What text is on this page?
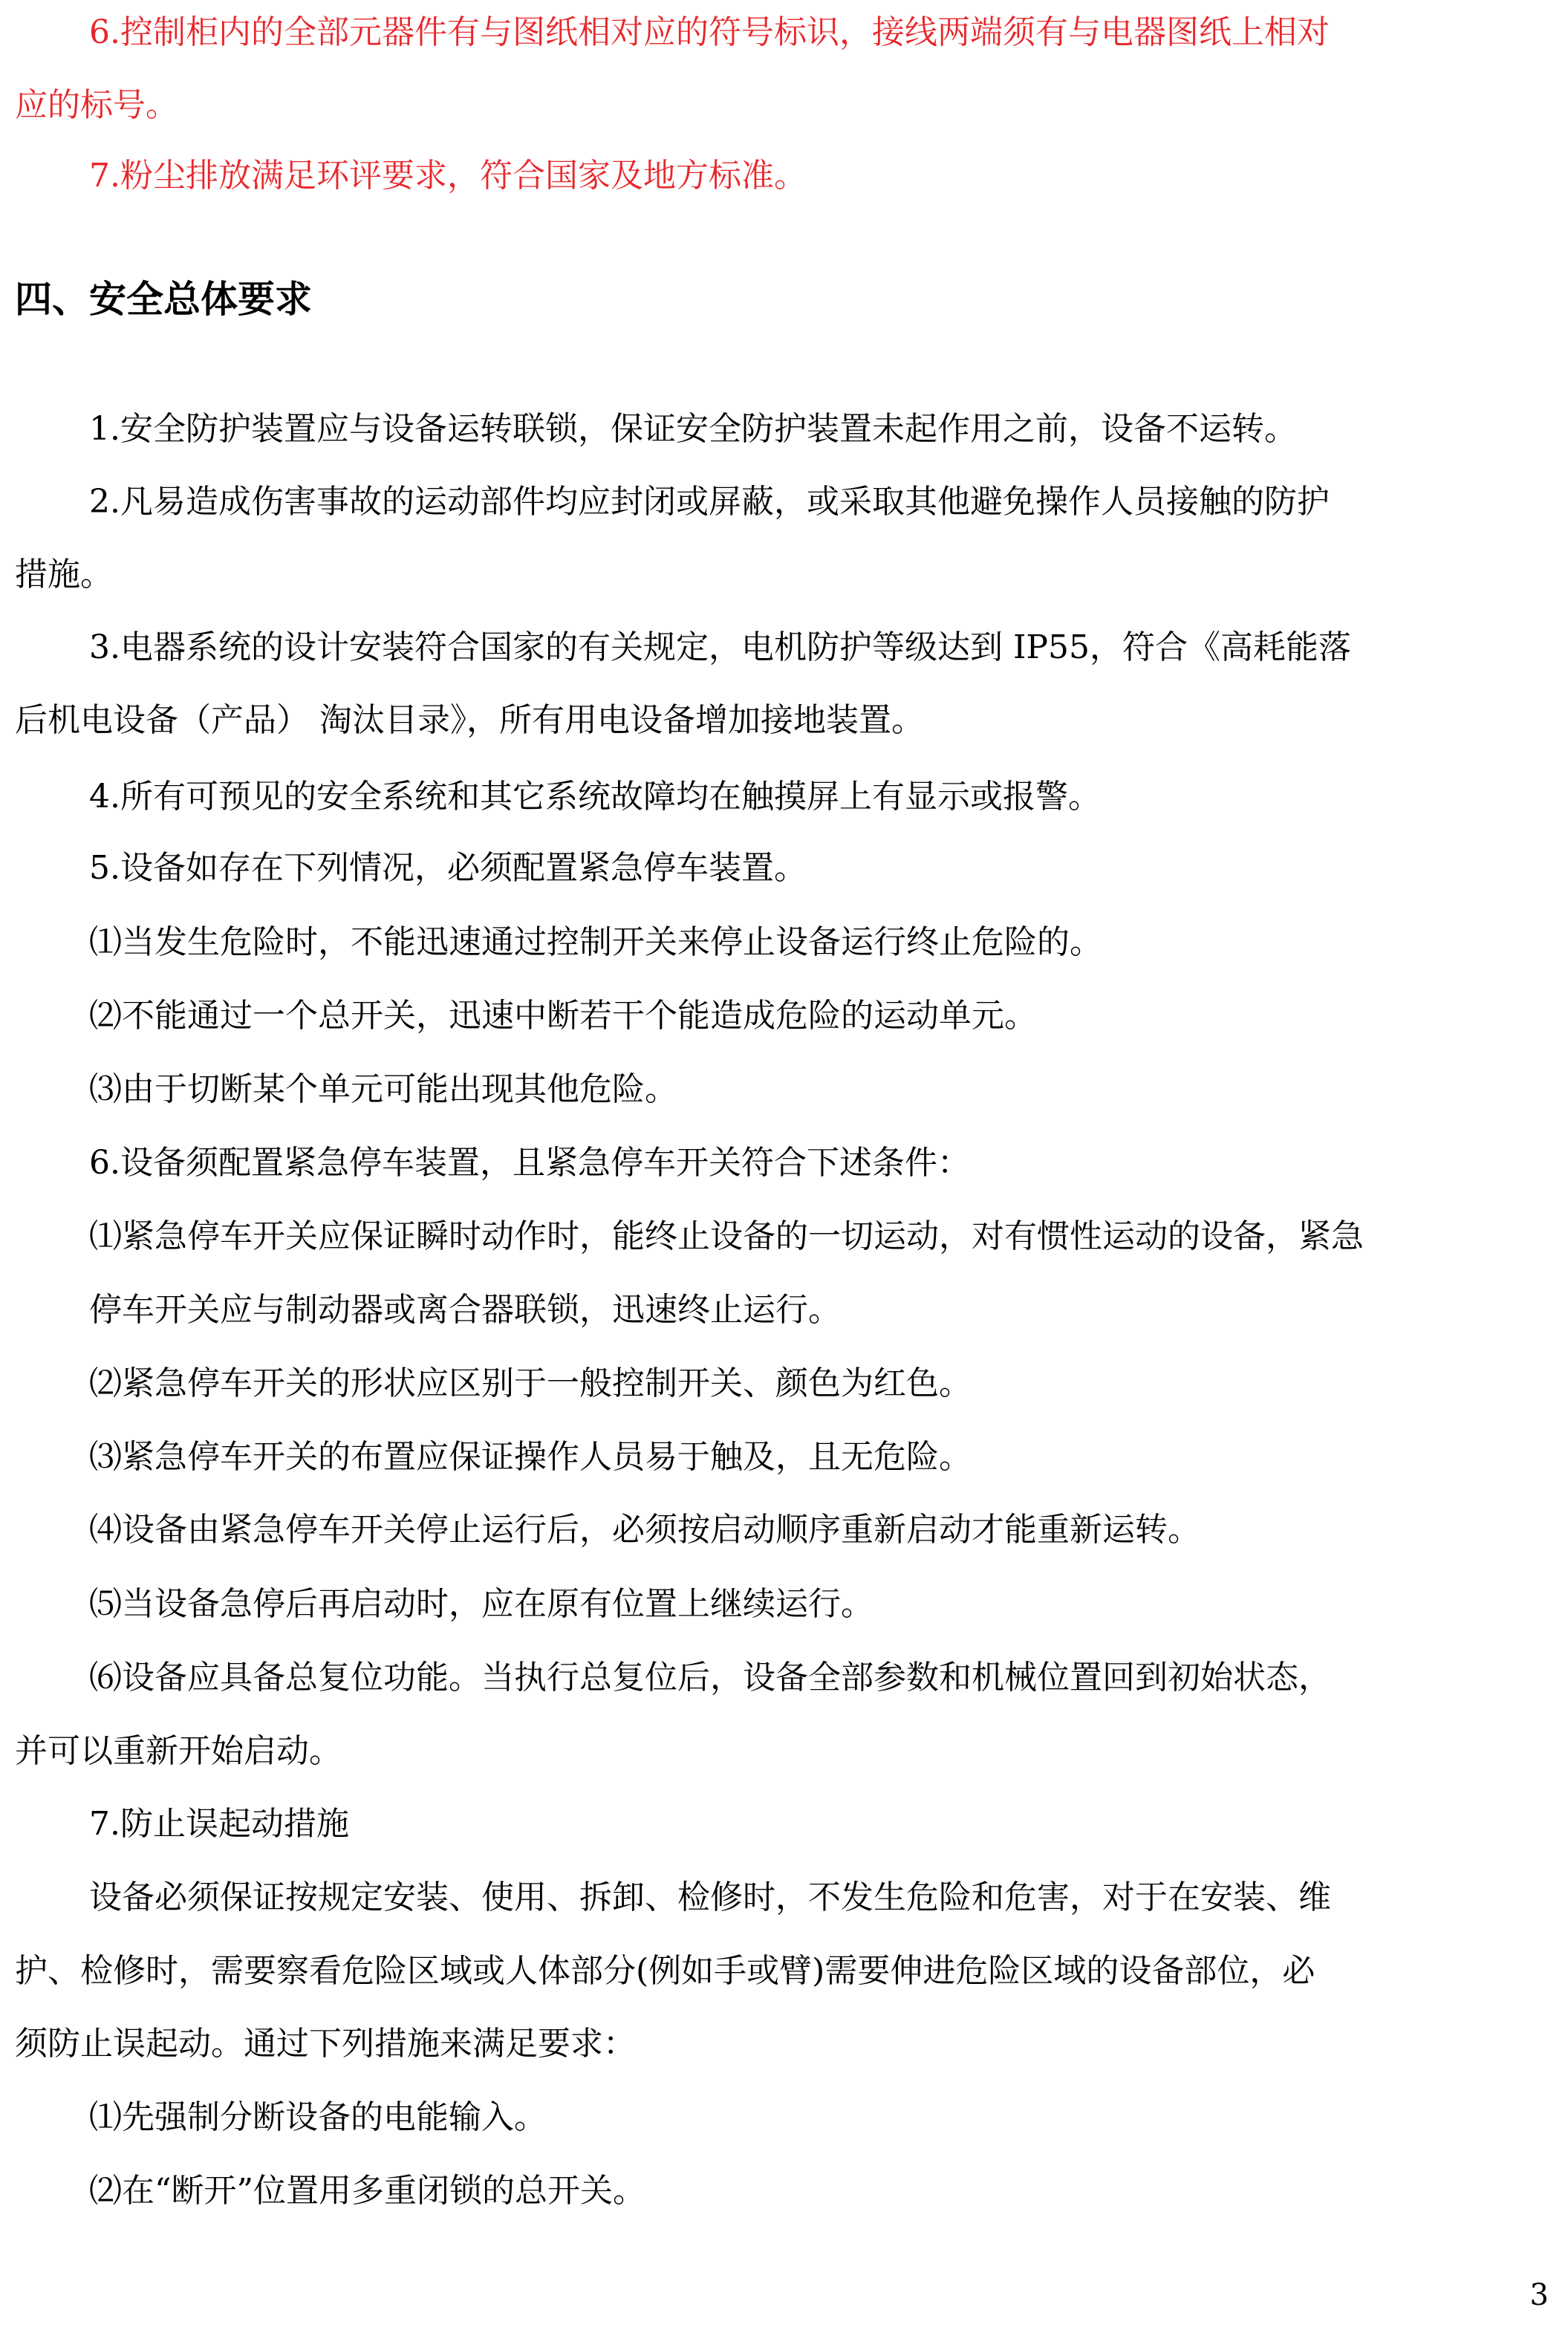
6.控制柜内的全部元器件有与图纸相对应的符号标识，接线两端须有与电器图纸上相对
应的标号。
7.粉尘排放满足环评要求，符合国家及地方标准。
四、安全总体要求
1.安全防护装置应与设备运转联锁，保证安全防护装置未起作用之前，设备不运转。
2.凡易造成伤害事故的运动部件均应封闭或屏蔽，或采取其他避免操作人员接触的防护
措施。
3.电器系统的设计安装符合国家的有关规定，电机防护等级达到 IP55，符合《高耗能落
后机电设备（产品） 淘汰目录》，所有用电设备增加接地装置。
4.所有可预见的安全系统和其它系统故障均在触摸屏上有显示或报警。
5.设备如存在下列情况，必须配置紧急停车装置。
⑴当发生危险时，不能迅速通过控制开关来停止设备运行终止危险的。
⑵不能通过一个总开关，迅速中断若干个能造成危险的运动单元。
⑶由于切断某个单元可能出现其他危险。
6.设备须配置紧急停车装置，且紧急停车开关符合下述条件：
⑴紧急停车开关应保证瞬时动作时，能终止设备的一切运动，对有惯性运动的设备，紧急
停车开关应与制动器或离合器联锁，迅速终止运行。
⑵紧急停车开关的形状应区别于一般控制开关、颜色为红色。
⑶紧急停车开关的布置应保证操作人员易于触及，且无危险。
⑷设备由紧急停车开关停止运行后，必须按启动顺序重新启动才能重新运转。
⑸当设备急停后再启动时，应在原有位置上继续运行。
⑹设备应具备总复位功能。当执行总复位后，设备全部参数和机械位置回到初始状态，
并可以重新开始启动。
7.防止误起动措施
设备必须保证按规定安装、使用、拆卸、检修时，不发生危险和危害，对于在安装、维
护、检修时，需要察看危险区域或人体部分(例如手或臂)需要伸进危险区域的设备部位，必
须防止误起动。通过下列措施来满足要求：
⑴先强制分断设备的电能输入。
⑵在“断开”位置用多重闭锁的总开关。
3
